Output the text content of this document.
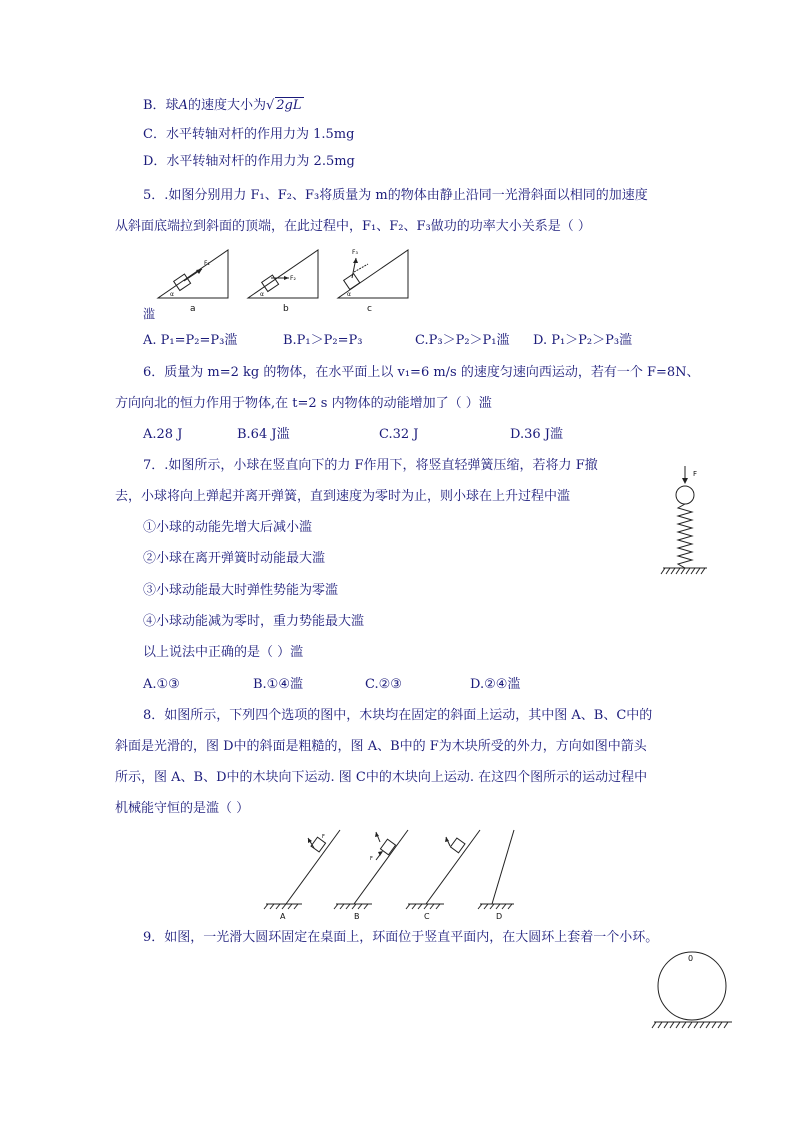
B．球A的速度大小为√ 2gL
C．水平转轴对杆的作用力为 1.5mg
D．水平转轴对杆的作用力为 2.5mg
5．.如图分别用力 F₁、F₂、F₃将质量为 m的物体由静止沿同一光滑斜面以相同的加速度
从斜面底端拉到斜面的顶端，在此过程中，F₁、F₂、F₃做功的功率大小关系是（ ）
F₁
α
a
F₂
α
b
F₃
α
c
滥
A. P₁=P₂=P₃滥	B.P₁＞P₂=P₃	C.P₃＞P₂＞P₁滥 D. P₁＞P₂＞P₃滥
6．质量为 m=2 kg 的物体，在水平面上以 v₁=6 m/s 的速度匀速向西运动，若有一个 F=8N、
方向向北的恒力作用于物体,在 t=2 s 内物体的动能增加了（ ）滥
A.28 J	B.64 J滥	C.32 J	D.36 J滥
7．.如图所示，小球在竖直向下的力 F作用下，将竖直轻弹簧压缩，若将力 F撤
去，小球将向上弹起并离开弹簧，直到速度为零时为止，则小球在上升过程中滥
①小球的动能先增大后减小滥
②小球在离开弹簧时动能最大滥
③小球动能最大时弹性势能为零滥
④小球动能减为零时，重力势能最大滥
以上说法中正确的是（ ）滥
A.①③	B.①④滥	C.②③	D.②④滥
F
8．如图所示，下列四个选项的图中，木块均在固定的斜面上运动，其中图 A、B、C中的
斜面是光滑的，图 D中的斜面是粗糙的，图 A、B中的 F为木块所受的外力，方向如图中箭头
所示，图 A、B、D中的木块向下运动. 图 C中的木块向上运动. 在这四个图所示的运动过程中
机械能守恒的是滥（ ）
F
A
F
B	C	D
9．如图，一光滑大圆环固定在桌面上，环面位于竖直平面内，在大圆环上套着一个小环。
0
